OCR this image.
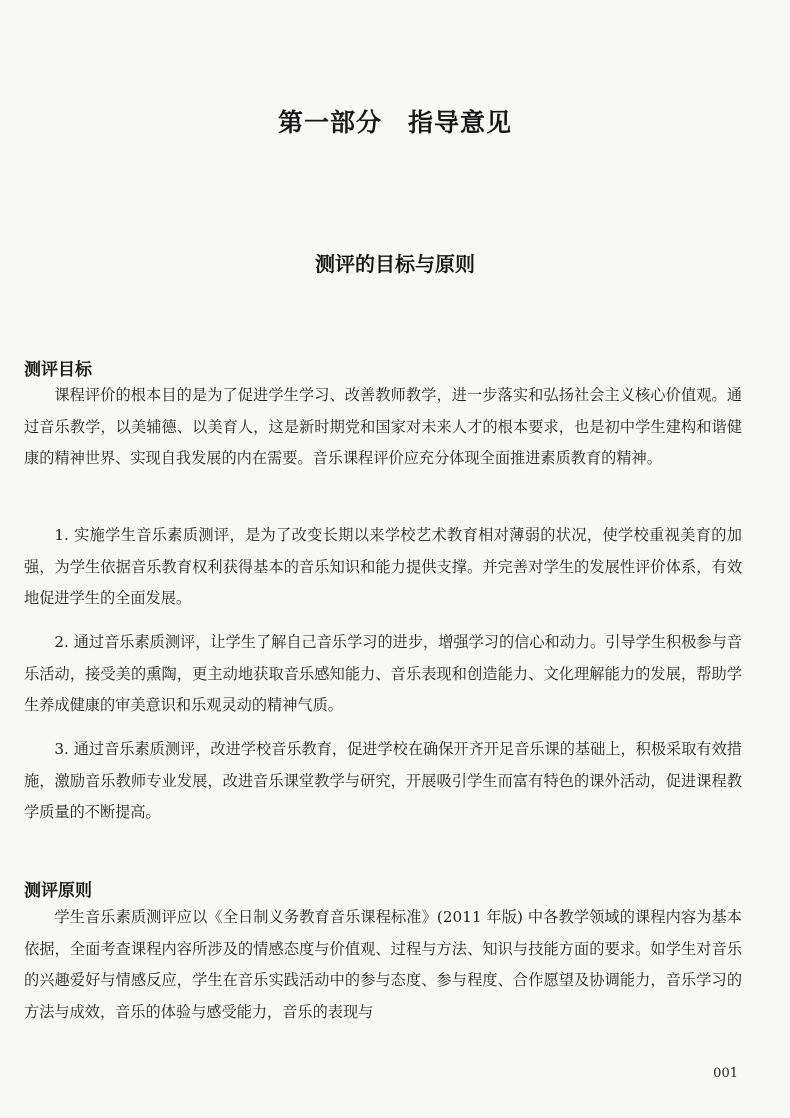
第一部分　指导意见
测评的目标与原则
测评目标

课程评价的根本目的是为了促进学生学习、改善教师教学，进一步落实和弘扬社会主义核心价值观。通过音乐教学，以美辅德、以美育人，这是新时期党和国家对未来人才的根本要求，也是初中学生建构和谐健康的精神世界、实现自我发展的内在需要。音乐课程评价应充分体现全面推进素质教育的精神。

1. 实施学生音乐素质测评，是为了改变长期以来学校艺术教育相对薄弱的状况，使学校重视美育的加强，为学生依据音乐教育权利获得基本的音乐知识和能力提供支撑。并完善对学生的发展性评价体系，有效地促进学生的全面发展。

2. 通过音乐素质测评，让学生了解自己音乐学习的进步，增强学习的信心和动力。引导学生积极参与音乐活动，接受美的熏陶，更主动地获取音乐感知能力、音乐表现和创造能力、文化理解能力的发展，帮助学生养成健康的审美意识和乐观灵动的精神气质。

3. 通过音乐素质测评，改进学校音乐教育，促进学校在确保开齐开足音乐课的基础上，积极采取有效措施，激励音乐教师专业发展，改进音乐课堂教学与研究，开展吸引学生而富有特色的课外活动，促进课程教学质量的不断提高。

测评原则

学生音乐素质测评应以《全日制义务教育音乐课程标准》(2011 年版) 中各教学领域的课程内容为基本依据，全面考查课程内容所涉及的情感态度与价值观、过程与方法、知识与技能方面的要求。如学生对音乐的兴趣爱好与情感反应，学生在音乐实践活动中的参与态度、参与程度、合作愿望及协调能力，音乐学习的方法与成效，音乐的体验与感受能力，音乐的表现与

001
